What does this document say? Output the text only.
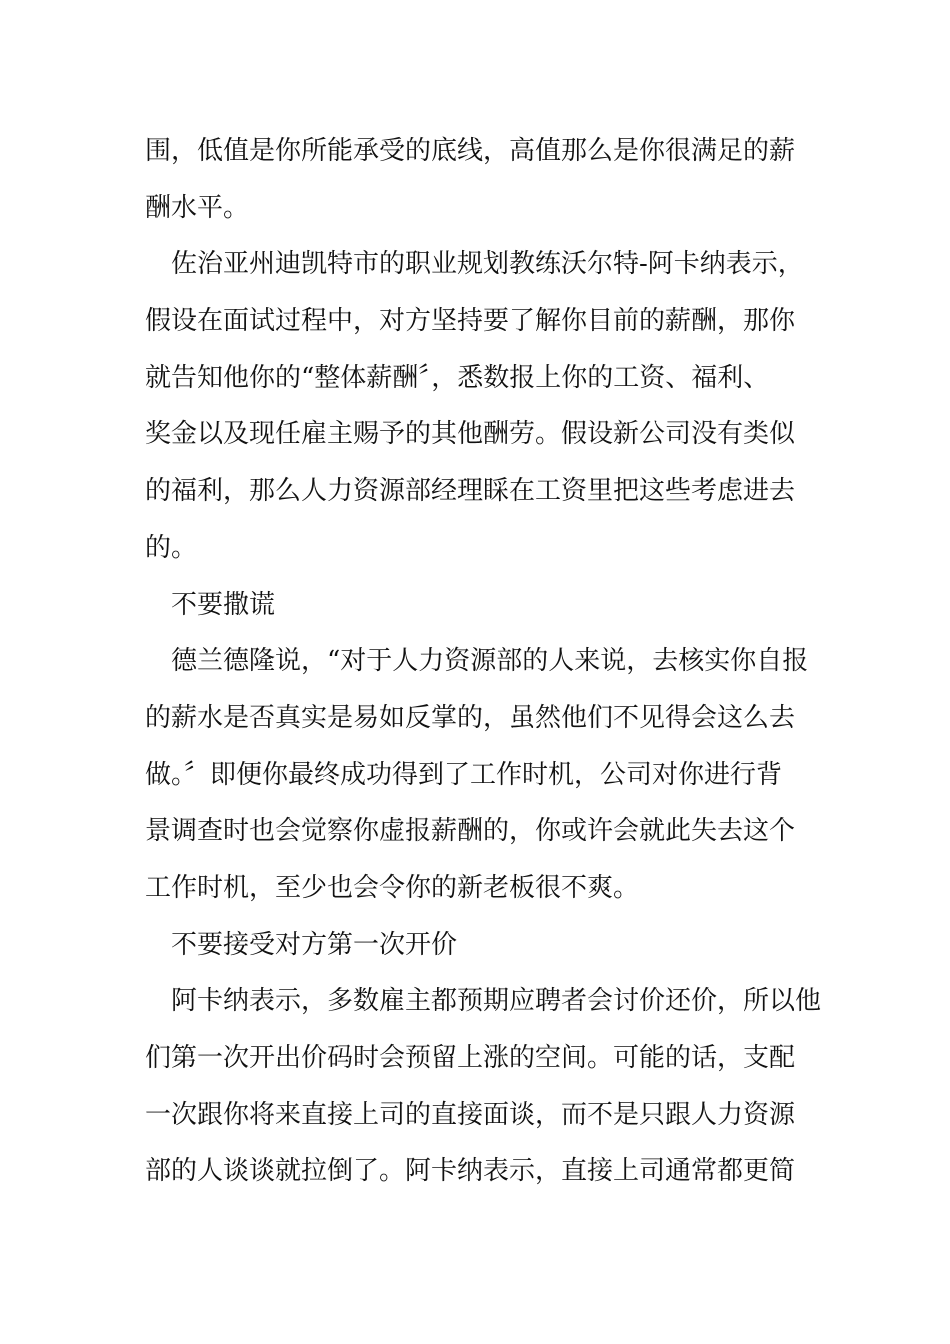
围，低值是你所能承受的底线，高值那么是你很满足的薪
酬水平。
佐治亚州迪凯特市的职业规划教练沃尔特-阿卡纳表示，
假设在面试过程中，对方坚持要了解你目前的薪酬，那你
就告知他你的“整体薪酬〞，悉数报上你的工资、福利、
奖金以及现任雇主赐予的其他酬劳。假设新公司没有类似
的福利，那么人力资源部经理睬在工资里把这些考虑进去
的。
不要撒谎
德兰德隆说，“对于人力资源部的人来说，去核实你自报
的薪水是否真实是易如反掌的，虽然他们不见得会这么去
做。〞即便你最终成功得到了工作时机，公司对你进行背
景调查时也会觉察你虚报薪酬的，你或许会就此失去这个
工作时机，至少也会令你的新老板很不爽。
不要接受对方第一次开价
阿卡纳表示，多数雇主都预期应聘者会讨价还价，所以他
们第一次开出价码时会预留上涨的空间。可能的话，支配
一次跟你将来直接上司的直接面谈，而不是只跟人力资源
部的人谈谈就拉倒了。阿卡纳表示，直接上司通常都更简
